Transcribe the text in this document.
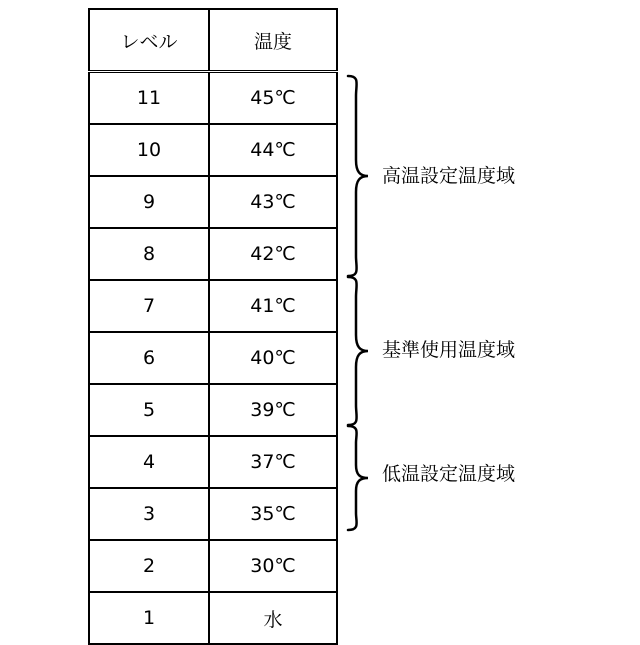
レベル	温度
11	45℃
10	44℃
9	43℃
8	42℃
7	41℃
6	40℃
5	39℃
4	37℃
3	35℃
2	30℃
1	水
高温設定温度域
基準使用温度域
低温設定温度域
